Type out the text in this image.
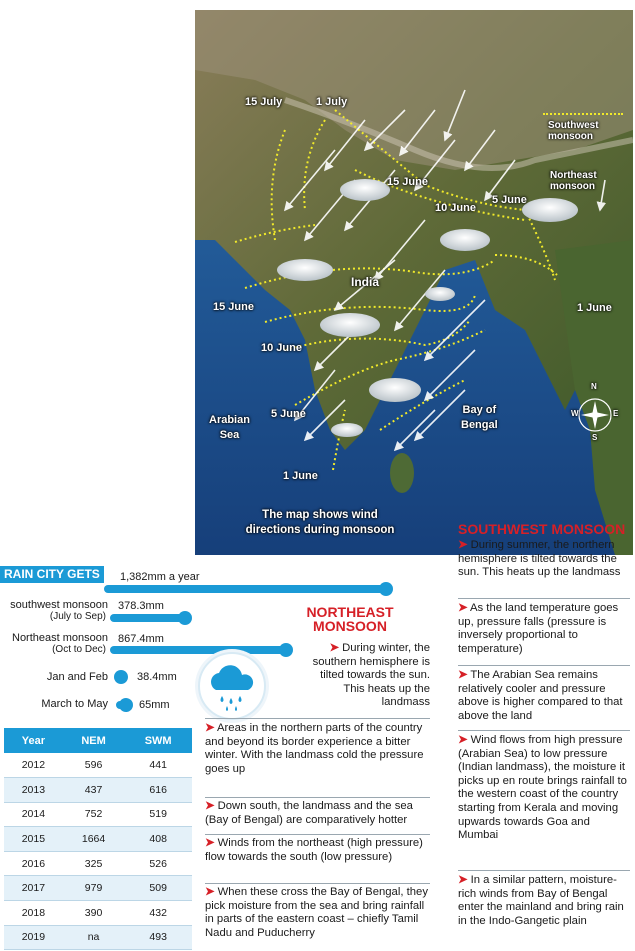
15 July	1 July
15 June
10 June
5 June
15 June
India
10 June
5 June
1 June
1 June
Arabian
Sea
Bay of
Bengal
Southwest
monsoon
Northeast
monsoon
N
E
S
W
The map shows wind directions during monsoon
RAIN CITY GETS	1,382mm a year
southwest monsoon
(July to Sep)
378.3mm
Northeast monsoon
(Oct to Dec)
867.4mm
Jan and Feb	38.4mm
March to May	65mm
Year	NEM	SWM
2012	596	441
2013	437	616
2014	752	519
2015	1664	408
2016	325	526
2017	979	509
2018	390	432
2019	na	493
NORTHEAST MONSOON
➤ During winter, the southern hemisphere is tilted towards the sun. This heats up the landmass
➤ Areas in the northern parts of the country and beyond its border experience a bitter winter. With the landmass cold the pressure goes up
➤ Down south, the landmass and the sea (Bay of Bengal) are comparatively hotter
➤ Winds from the northeast (high pressure) flow towards the south (low pressure)
➤ When these cross the Bay of Bengal, they pick moisture from the sea and bring rainfall in parts of the eastern coast – chiefly Tamil Nadu and Puducherry
SOUTHWEST MONSOON
➤ During summer, the northern hemisphere is tilted towards the sun. This heats up the landmass
➤ As the land temperature goes up, pressure falls (pressure is inversely proportional to temperature)
➤ The Arabian Sea remains relatively cooler and pressure above is higher compared to that above the land
➤ Wind flows from high pressure (Arabian Sea) to low pressure (Indian landmass), the moisture it picks up en route brings rainfall to the western coast of the country starting from Kerala and moving upwards towards Goa and Mumbai
➤ In a similar pattern, moisture-rich winds from Bay of Bengal enter the mainland and bring rain in the Indo-Gangetic plain
